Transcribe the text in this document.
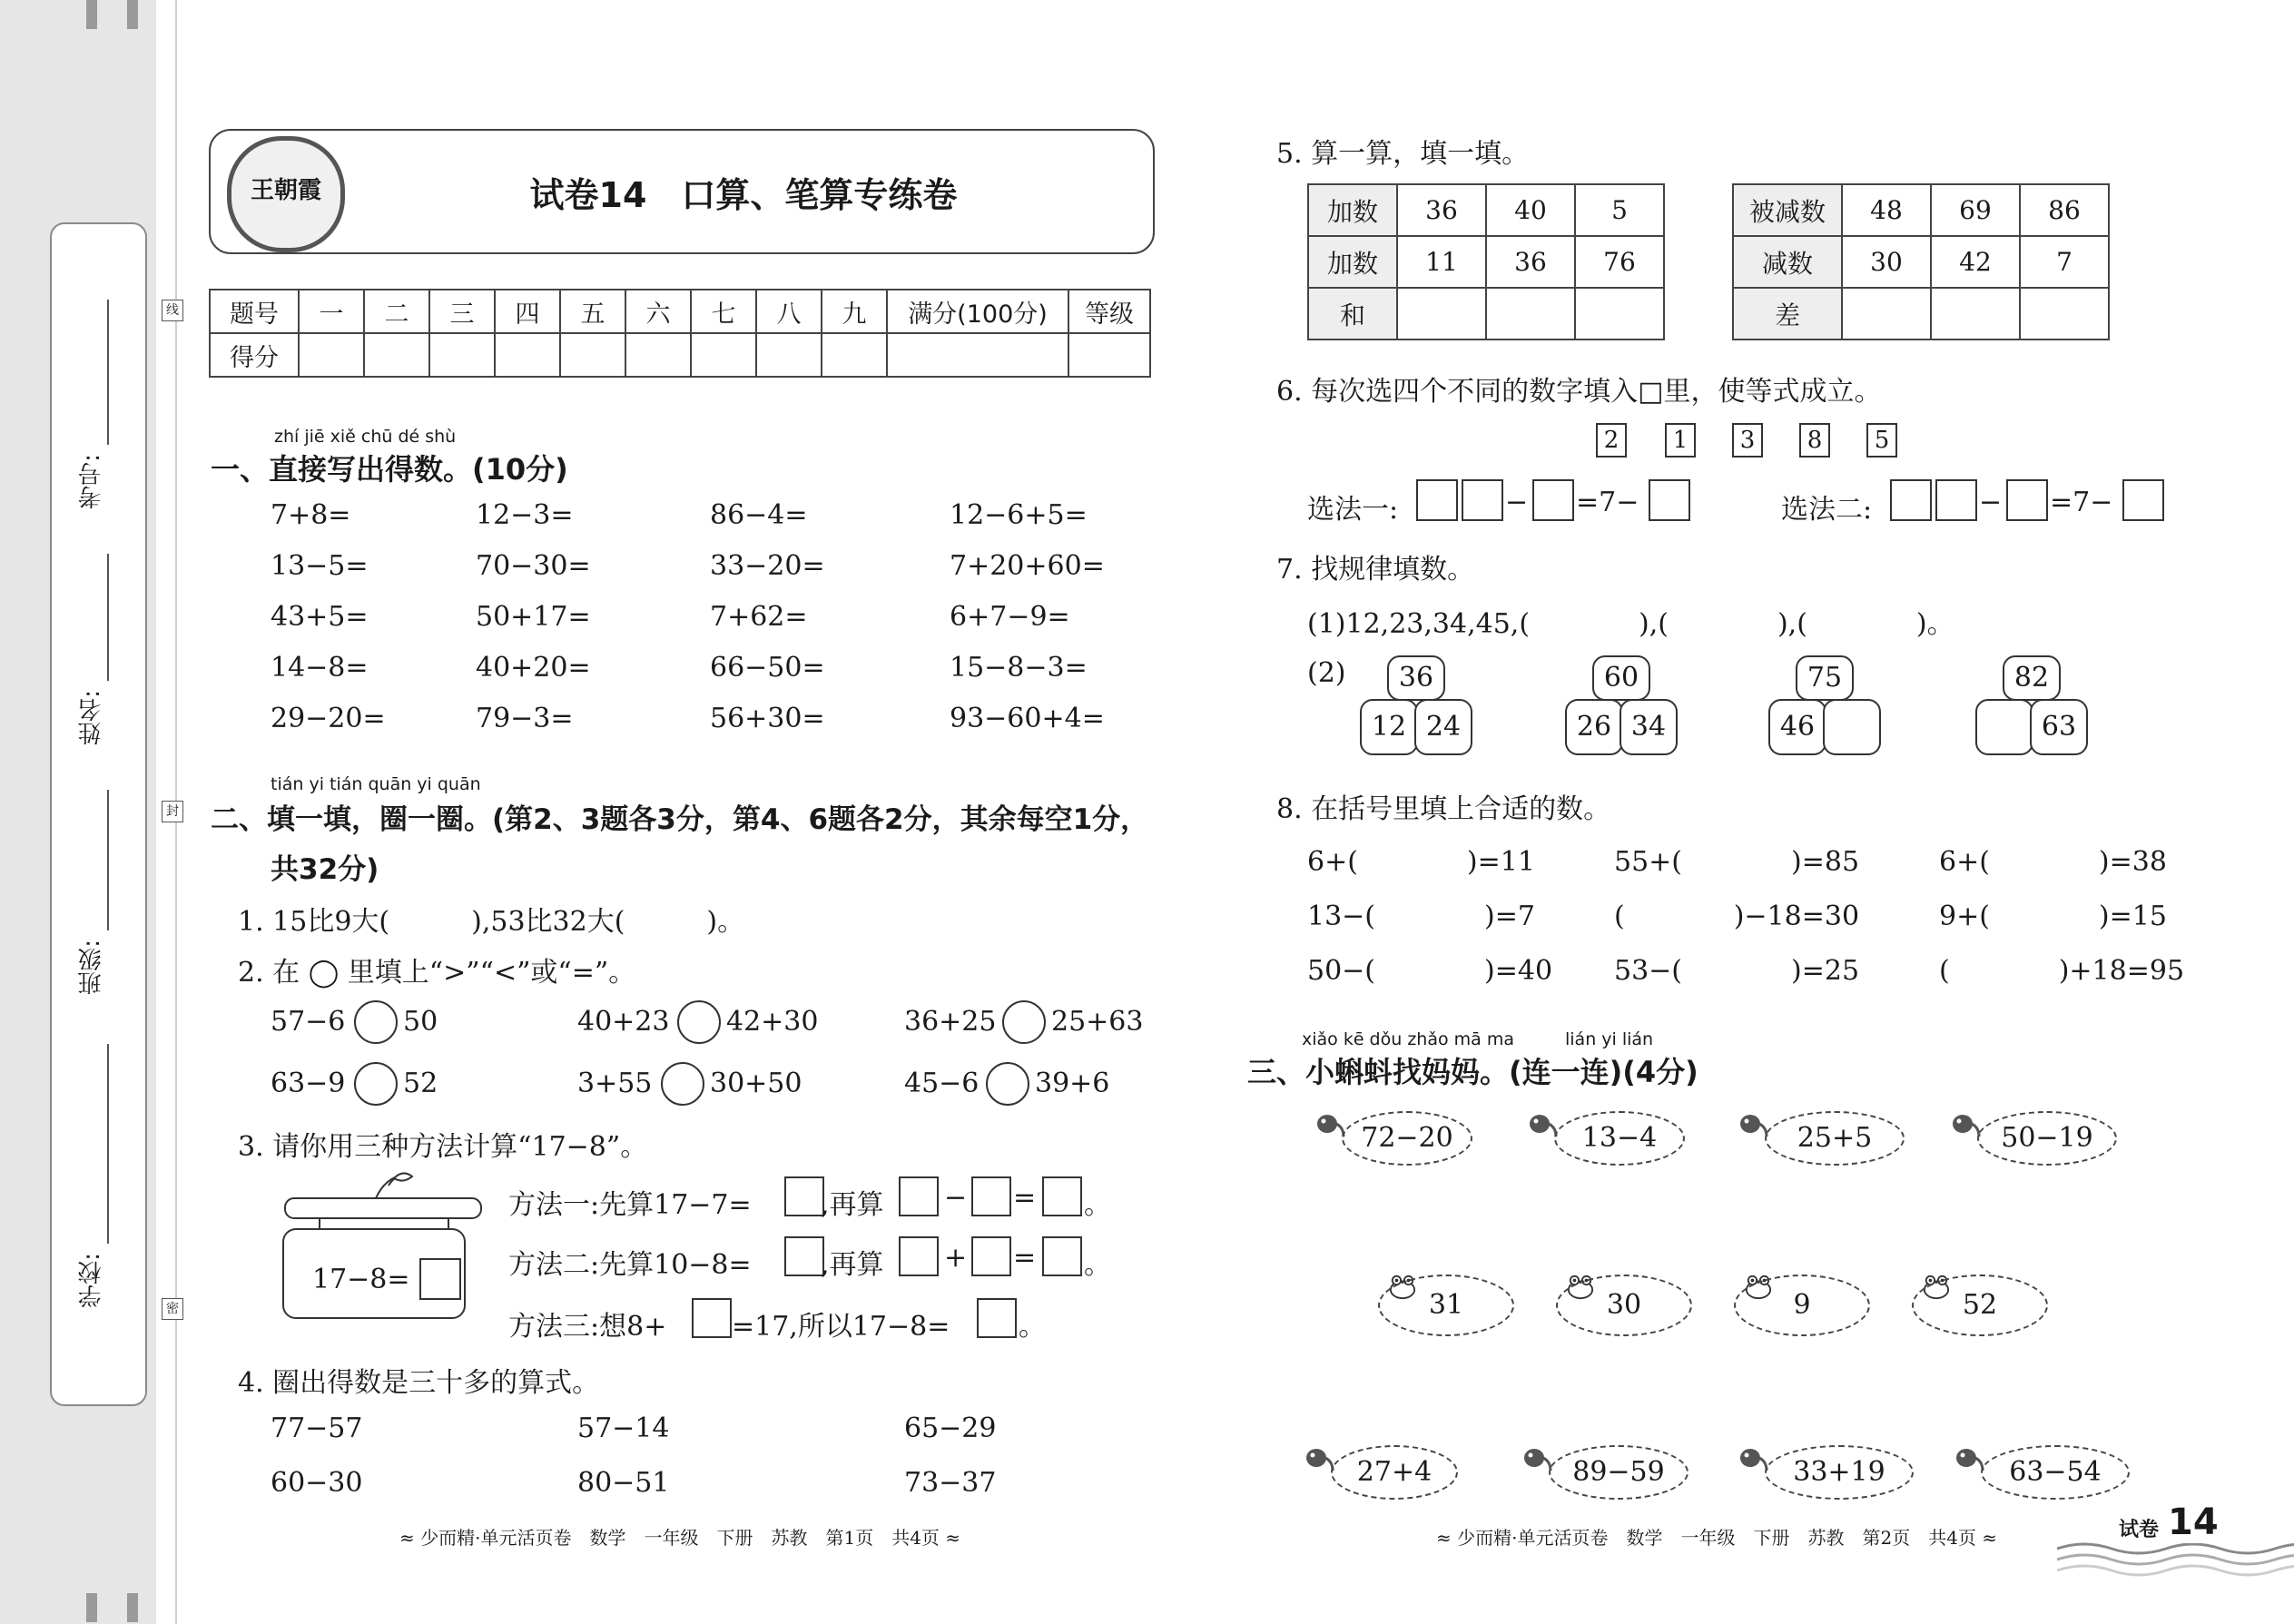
学校:
班级:
姓名:
考号:
线
封
密
王朝霞	试卷14　口算、笔算专练卷
题号	一	二	三	四	五	六	七	八	九	满分(100分)	等级
得分											
zhí jiē xiě chū dé shù
一、直接写出得数。(10分)
7+8=	12−3=	86−4=	12−6+5=
13−5=	70−30=	33−20=	7+20+60=
43+5=	50+17=	7+62=	6+7−9=
14−8=	40+20=	66−50=	15−8−3=
29−20=	79−3=	56+30=	93−60+4=
tián yi tián quān yi quān
二、填一填，圈一圈。(第2、3题各3分，第4、6题各2分，其余每空1分，
共32分)
1. 15比9大(　　　),53比32大(　　　)。
2. 在 ◯ 里填上“>”“<”或“=”。
57−6 50	40+23 42+30	36+25 25+63
63−9 52	3+55 30+50	45−6 39+6
3. 请你用三种方法计算“17−8”。
17−8=
方法一:先算17−7=	,再算 − = 。
方法二:先算10−8=	,再算 + = 。
方法三:想8+ =17,所以17−8=	。
4. 圈出得数是三十多的算式。
77−57	57−14	65−29
60−30	80−51	73−37
≈ 少而精·单元活页卷　数学　一年级　下册　苏教　第1页　共4页 ≈
5. 算一算，填一填。
加数	36	40	5
加数	11	36	76
和			
被减数	48	69	86
减数	30	42	7
差			
6. 每次选四个不同的数字填入□里，使等式成立。
2	1	3	8	5
选法一:	− =7−	选法二:	− =7−
7. 找规律填数。
(1)12,23,34,45,(　　　　),(　　　　),(　　　　)。
(2)	36
12 24
60
26 34
75
46
82
63
8. 在括号里填上合适的数。
6+(　　　　)=11	55+(　　　　)=85	6+(　　　　)=38
13−(　　　　)=7	(　　　　)−18=30	9+(　　　　)=15
50−(　　　　)=40 53−(　　　　)=25	(　　　　)+18=95
xiǎo kē dǒu zhǎo mā ma	lián yi lián
三、小蝌蚪找妈妈。(连一连)(4分)
72−20	13−4	25+5	50−19
31	30	9	52
27+4	89−59	33+19	63−54
≈ 少而精·单元活页卷　数学　一年级　下册　苏教　第2页　共4页 ≈	试卷 14
